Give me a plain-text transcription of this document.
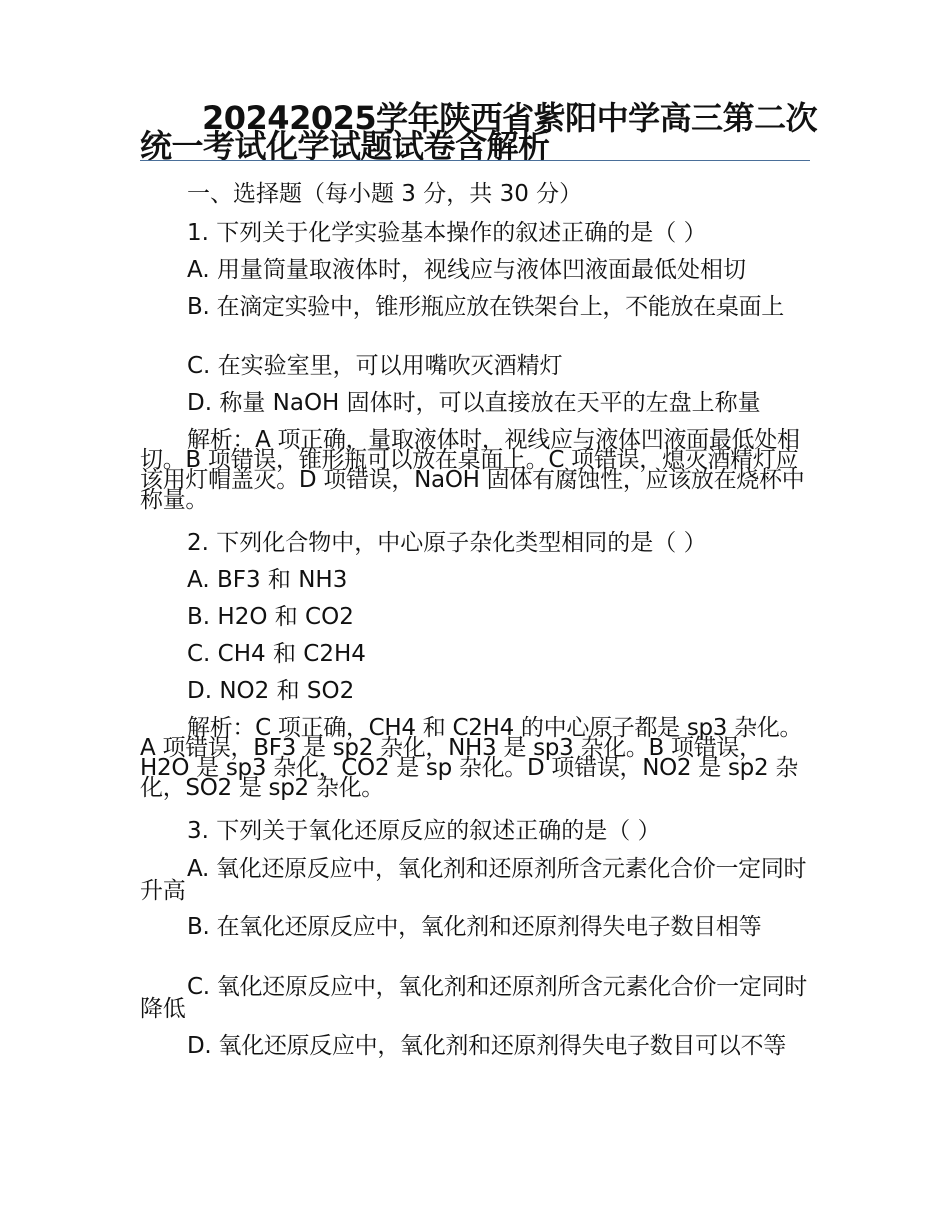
20242025学年陕西省紫阳中学高三第二次统一考试化学试题试卷含解析
一、选择题（每小题 3 分，共 30 分）
1. 下列关于化学实验基本操作的叙述正确的是（ ）
A. 用量筒量取液体时，视线应与液体凹液面最低处相切
B. 在滴定实验中，锥形瓶应放在铁架台上，不能放在桌面上
C. 在实验室里，可以用嘴吹灭酒精灯
D. 称量 NaOH 固体时，可以直接放在天平的左盘上称量
解析：A 项正确，量取液体时，视线应与液体凹液面最低处相切。B 项错误，锥形瓶可以放在桌面上。C 项错误，熄灭酒精灯应该用灯帽盖灭。D 项错误，NaOH 固体有腐蚀性，应该放在烧杯中称量。
2. 下列化合物中，中心原子杂化类型相同的是（ ）
A. BF3 和 NH3
B. H2O 和 CO2
C. CH4 和 C2H4
D. NO2 和 SO2
解析：C 项正确，CH4 和 C2H4 的中心原子都是 sp3 杂化。A 项错误，BF3 是 sp2 杂化，NH3 是 sp3 杂化。B 项错误，H2O 是 sp3 杂化，CO2 是 sp 杂化。D 项错误，NO2 是 sp2 杂化，SO2 是 sp2 杂化。
3. 下列关于氧化还原反应的叙述正确的是（ ）
A. 氧化还原反应中，氧化剂和还原剂所含元素化合价一定同时升高
B. 在氧化还原反应中，氧化剂和还原剂得失电子数目相等
C. 氧化还原反应中，氧化剂和还原剂所含元素化合价一定同时降低
D. 氧化还原反应中，氧化剂和还原剂得失电子数目可以不等
